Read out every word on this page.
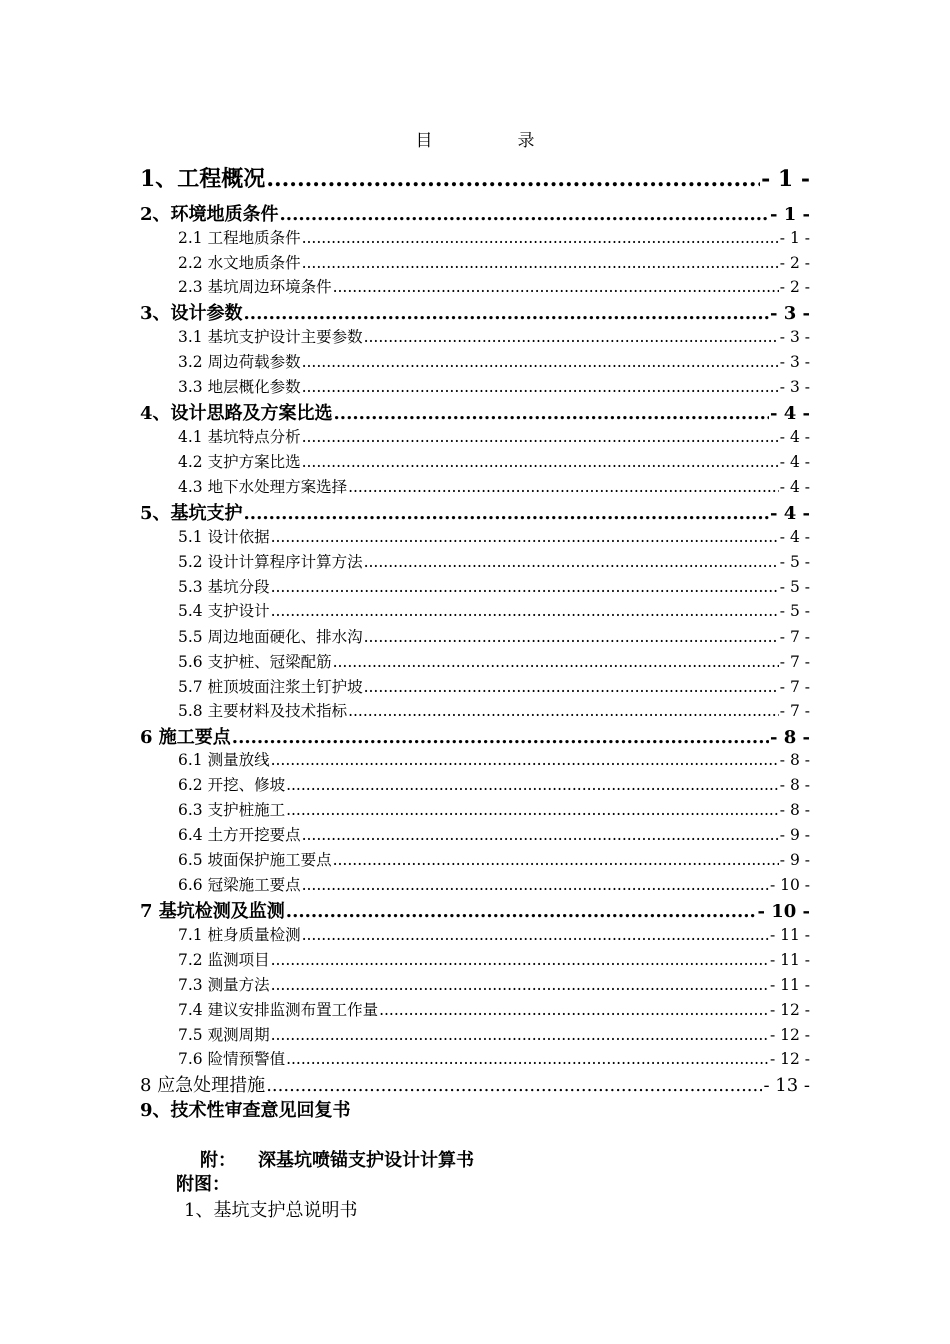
目　录
1、工程概况 .....	- 1 -
2、环境地质条件 .....	- 1 -
2.1 工程地质条件 .....	- 1 -
2.2 水文地质条件 .....	- 2 -
2.3 基坑周边环境条件 .....	- 2 -
3、设计参数 .....	- 3 -
3.1 基坑支护设计主要参数 .....	- 3 -
3.2 周边荷载参数 .....	- 3 -
3.3 地层概化参数 .....	- 3 -
4、设计思路及方案比选 .....	- 4 -
4.1 基坑特点分析 .....	- 4 -
4.2 支护方案比选 .....	- 4 -
4.3 地下水处理方案选择 .....	- 4 -
5、基坑支护 .....	- 4 -
5.1 设计依据 .....	- 4 -
5.2 设计计算程序计算方法 .....	- 5 -
5.3 基坑分段 .....	- 5 -
5.4 支护设计 .....	- 5 -
5.5 周边地面硬化、排水沟 .....	- 7 -
5.6 支护桩、冠梁配筋 .....	- 7 -
5.7 桩顶坡面注浆土钉护坡 .....	- 7 -
5.8 主要材料及技术指标 .....	- 7 -
6 施工要点 .....	- 8 -
6.1 测量放线 .....	- 8 -
6.2 开挖、修坡 .....	- 8 -
6.3 支护桩施工 .....	- 8 -
6.4 土方开挖要点 .....	- 9 -
6.5 坡面保护施工要点 .....	- 9 -
6.6 冠梁施工要点 .....	- 10 -
7 基坑检测及监测 .....	- 10 -
7.1 桩身质量检测 .....	- 11 -
7.2 监测项目 .....	- 11 -
7.3 测量方法 .....	- 11 -
7.4 建议安排监测布置工作量 .....	- 12 -
7.5 观测周期 .....	- 12 -
7.6 险情预警值 .....	- 12 -
8 应急处理措施 .....	- 13 -
9、技术性审查意见回复书
附： 深基坑喷锚支护设计计算书
附图：
1、基坑支护总说明书
